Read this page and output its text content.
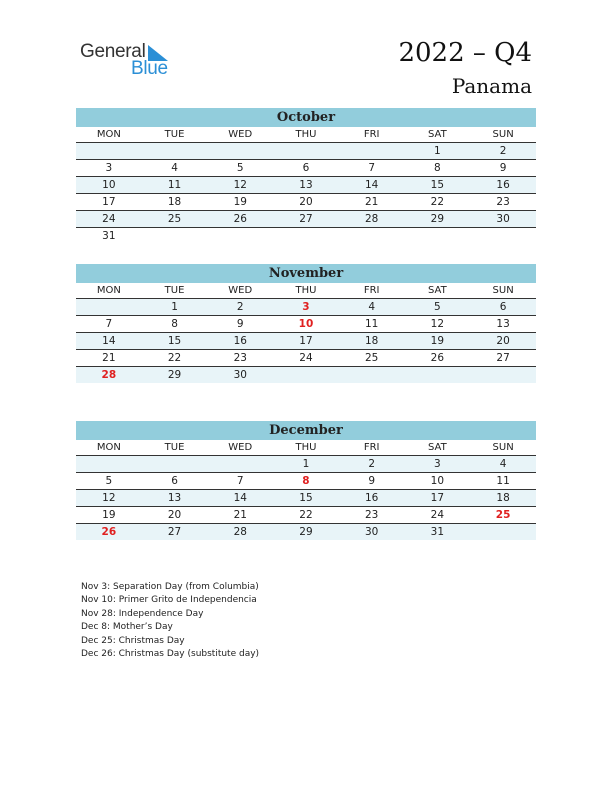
General
Blue
2022 – Q4
Panama
October
MON	TUE	WED	THU	FRI	SAT	SUN
					1	2
3	4	5	6	7	8	9
10	11	12	13	14	15	16
17	18	19	20	21	22	23
24	25	26	27	28	29	30
31						
November
MON	TUE	WED	THU	FRI	SAT	SUN
	1	2	3	4	5	6
7	8	9	10	11	12	13
14	15	16	17	18	19	20
21	22	23	24	25	26	27
28	29	30				
December
MON	TUE	WED	THU	FRI	SAT	SUN
			1	2	3	4
5	6	7	8	9	10	11
12	13	14	15	16	17	18
19	20	21	22	23	24	25
26	27	28	29	30	31	
Nov 3: Separation Day (from Columbia)
Nov 10: Primer Grito de Independencia
Nov 28: Independence Day
Dec 8: Mother’s Day
Dec 25: Christmas Day
Dec 26: Christmas Day (substitute day)
